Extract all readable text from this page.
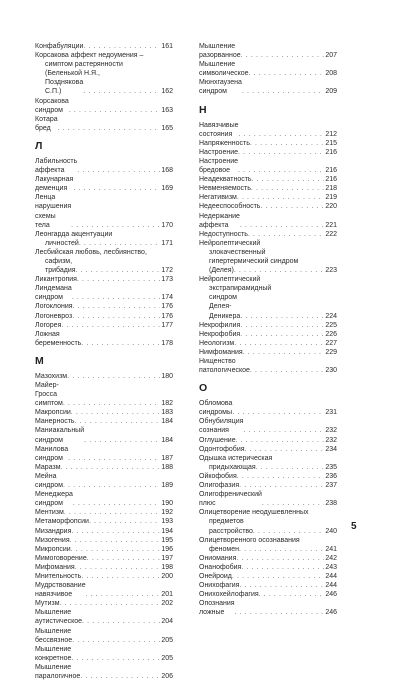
Конфабуляции . . .	161
Корсакова аффект недоумения –
симптом растерянности
(Беленькой Н.Я.,
Позднякова С.П.) . . .	162
Корсакова синдром . . .	163
Котара бред . . .	165
Л
Лабильность аффекта . . .	168
Лакунарная деменция . . .	169
Ленца нарушения схемы тела . . .	170
Леонгарда акцентуации
личностей . . .	171
Лесбийская любовь, лесбиянство,
сафизм, трибадия . . .	172
Ликантропия . . .	173
Линдемана синдром . . .	174
Логоклония . . .	176
Логоневроз . . .	176
Логорея . . .	177
Ложная беременность . . .	178
М
Мазохизм . . .	180
Майер-Гросса симптом . . .	182
Макропсии . . .	183
Манерность . . .	184
Маниакальный синдром . . .	184
Манилова синдром . . .	187
Маразм . . .	188
Мейна синдром . . .	189
Менеджера синдром . . .	190
Ментизм . . .	192
Метаморфопсии . . .	193
Мизандрия . . .	194
Мизогения . . .	195
Микропсии . . .	196
Мимоговорение . . .	197
Мифомания . . .	198
Мнительность . . .	200
Мудрствование навязчивое . . .	201
Мутизм . . .	202
Мышление аутистическое . . .	204
Мышление бессвязное . . .	205
Мышление конкретное . . .	205
Мышление паралогичное . . .	206
Мышление разорванное . . .	207
Мышление символическое . . .	208
Мюнхгаузена синдром . . .	209
Н
Навязчивые состояния . . .	212
Напряженность . . .	215
Настроение . . .	216
Настроение бредовое . . .	216
Неадекватность . . .	216
Невменяемость . . .	218
Негативизм . . .	219
Недееспособность . . .	220
Недержание аффекта . . .	221
Недоступность . . .	222
Нейролептический
злокачественный
гипертермический синдром
(Делея) . . .	223
Нейролептический
экстрапирамидный
синдром Делея-Деникера . . .	224
Некрофилия . . .	225
Некрофобия . . .	226
Неологизм . . .	227
Нимфомания . . .	229
Нищенство патологическое . . .	230
О
Обломова синдромы . . .	231
Обнубиляция сознания . . .	232
Оглушение . . .	232
Одонтофобия . . .	234
Одышка истерическая
придыхающая . . .	235
Ойкофобия . . .	236
Олигофазия . . .	237
Олигофренический плюс . . .	238
Олицетворение неодушевленных
предметов расстройство . . .	240
Олицетворенного осознавания
феномен . . .	241
Ониомания . . .	242
Онанофобия . . .	243
Онейроид . . .	244
Онихофагия . . .	244
Онихохейлофагия . . .	246
Опознания ложные . . .	246
5
